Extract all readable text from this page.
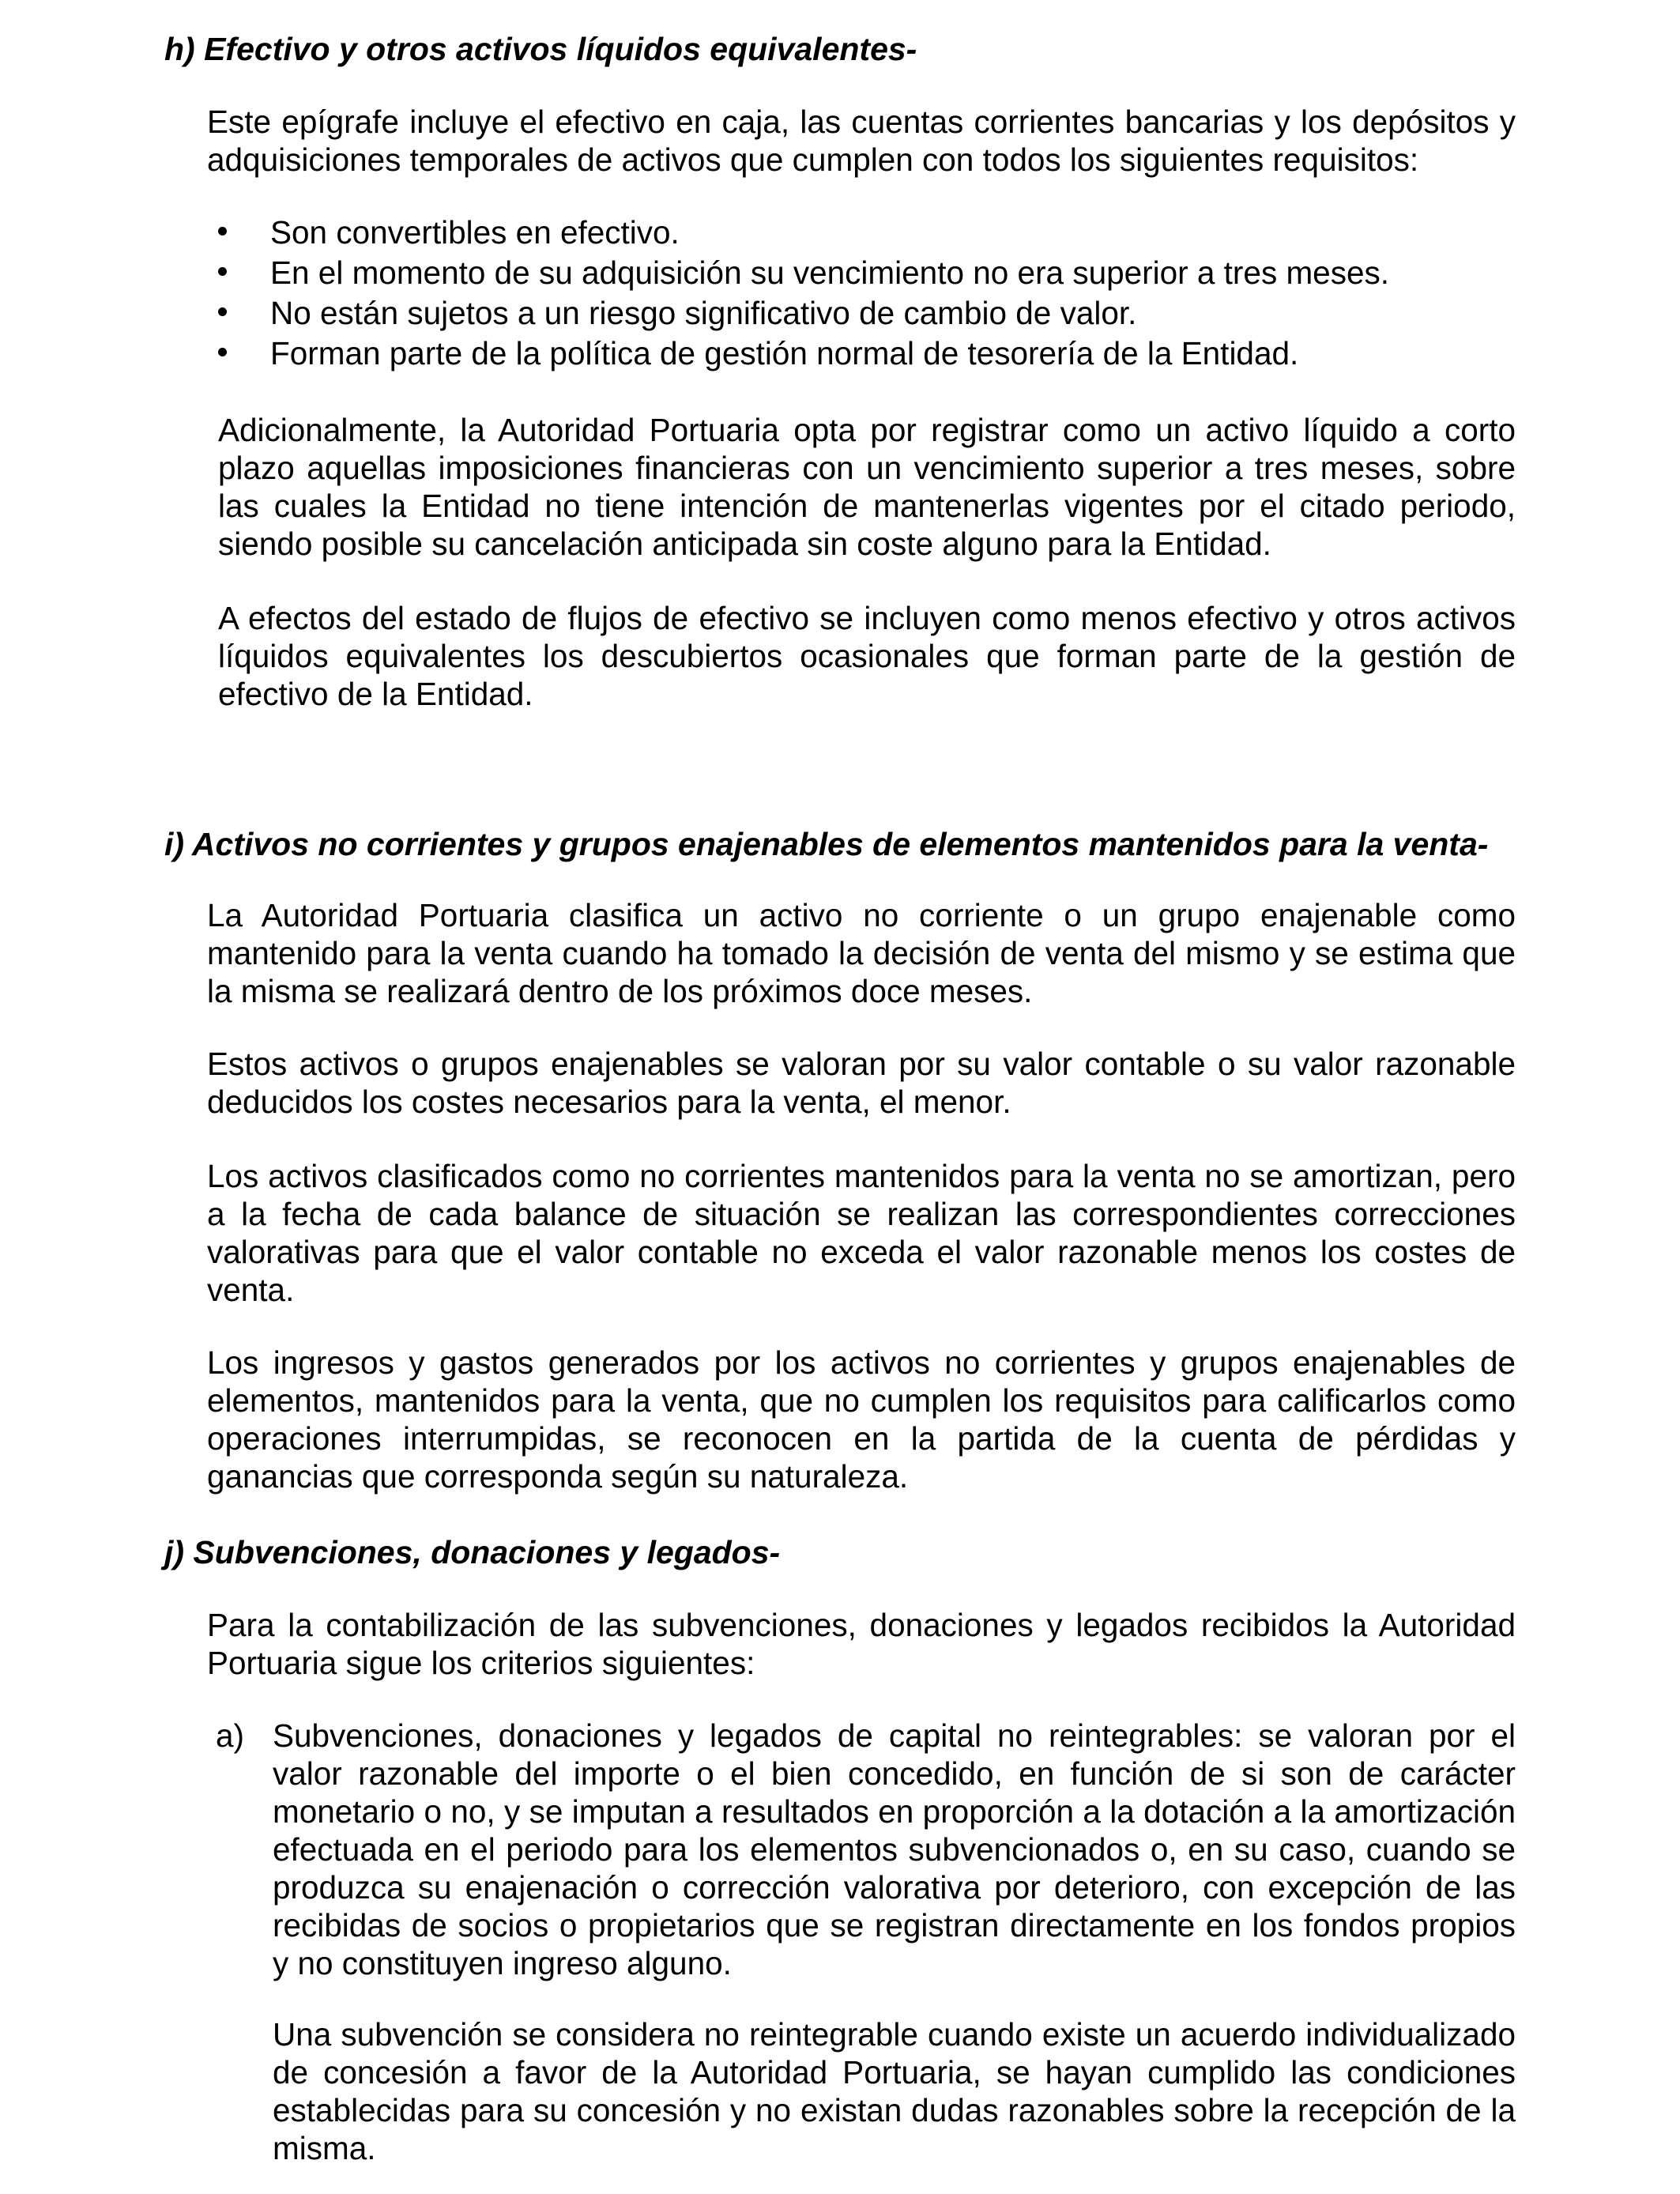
h) Efectivo y otros activos líquidos equivalentes-

Este epígrafe incluye el efectivo en caja, las cuentas corrientes bancarias y los depósitos y adquisiciones temporales de activos que cumplen con todos los siguientes requisitos:

Son convertibles en efectivo.
En el momento de su adquisición su vencimiento no era superior a tres meses.
No están sujetos a un riesgo significativo de cambio de valor.
Forman parte de la política de gestión normal de tesorería de la Entidad.

Adicionalmente, la Autoridad Portuaria opta por registrar como un activo líquido a corto plazo aquellas imposiciones financieras con un vencimiento superior a tres meses, sobre las cuales la Entidad no tiene intención de mantenerlas vigentes por el citado periodo, siendo posible su cancelación anticipada sin coste alguno para la Entidad.

A efectos del estado de flujos de efectivo se incluyen como menos efectivo y otros activos líquidos equivalentes los descubiertos ocasionales que forman parte de la gestión de efectivo de la Entidad.

i) Activos no corrientes y grupos enajenables de elementos mantenidos para la venta-

La Autoridad Portuaria clasifica un activo no corriente o un grupo enajenable como mantenido para la venta cuando ha tomado la decisión de venta del mismo y se estima que la misma se realizará dentro de los próximos doce meses.

Estos activos o grupos enajenables se valoran por su valor contable o su valor razonable deducidos los costes necesarios para la venta, el menor.

Los activos clasificados como no corrientes mantenidos para la venta no se amortizan, pero a la fecha de cada balance de situación se realizan las correspondientes correcciones valorativas para que el valor contable no exceda el valor razonable menos los costes de venta.

Los ingresos y gastos generados por los activos no corrientes y grupos enajenables de elementos, mantenidos para la venta, que no cumplen los requisitos para calificarlos como operaciones interrumpidas, se reconocen en la partida de la cuenta de pérdidas y ganancias que corresponda según su naturaleza.

j) Subvenciones, donaciones y legados-

Para la contabilización de las subvenciones, donaciones y legados recibidos la Autoridad Portuaria sigue los criterios siguientes:

a) Subvenciones, donaciones y legados de capital no reintegrables: se valoran por el valor razonable del importe o el bien concedido, en función de si son de carácter monetario o no, y se imputan a resultados en proporción a la dotación a la amortización efectuada en el periodo para los elementos subvencionados o, en su caso, cuando se produzca su enajenación o corrección valorativa por deterioro, con excepción de las recibidas de socios o propietarios que se registran directamente en los fondos propios y no constituyen ingreso alguno.

Una subvención se considera no reintegrable cuando existe un acuerdo individualizado de concesión a favor de la Autoridad Portuaria, se hayan cumplido las condiciones establecidas para su concesión y no existan dudas razonables sobre la recepción de la misma.
